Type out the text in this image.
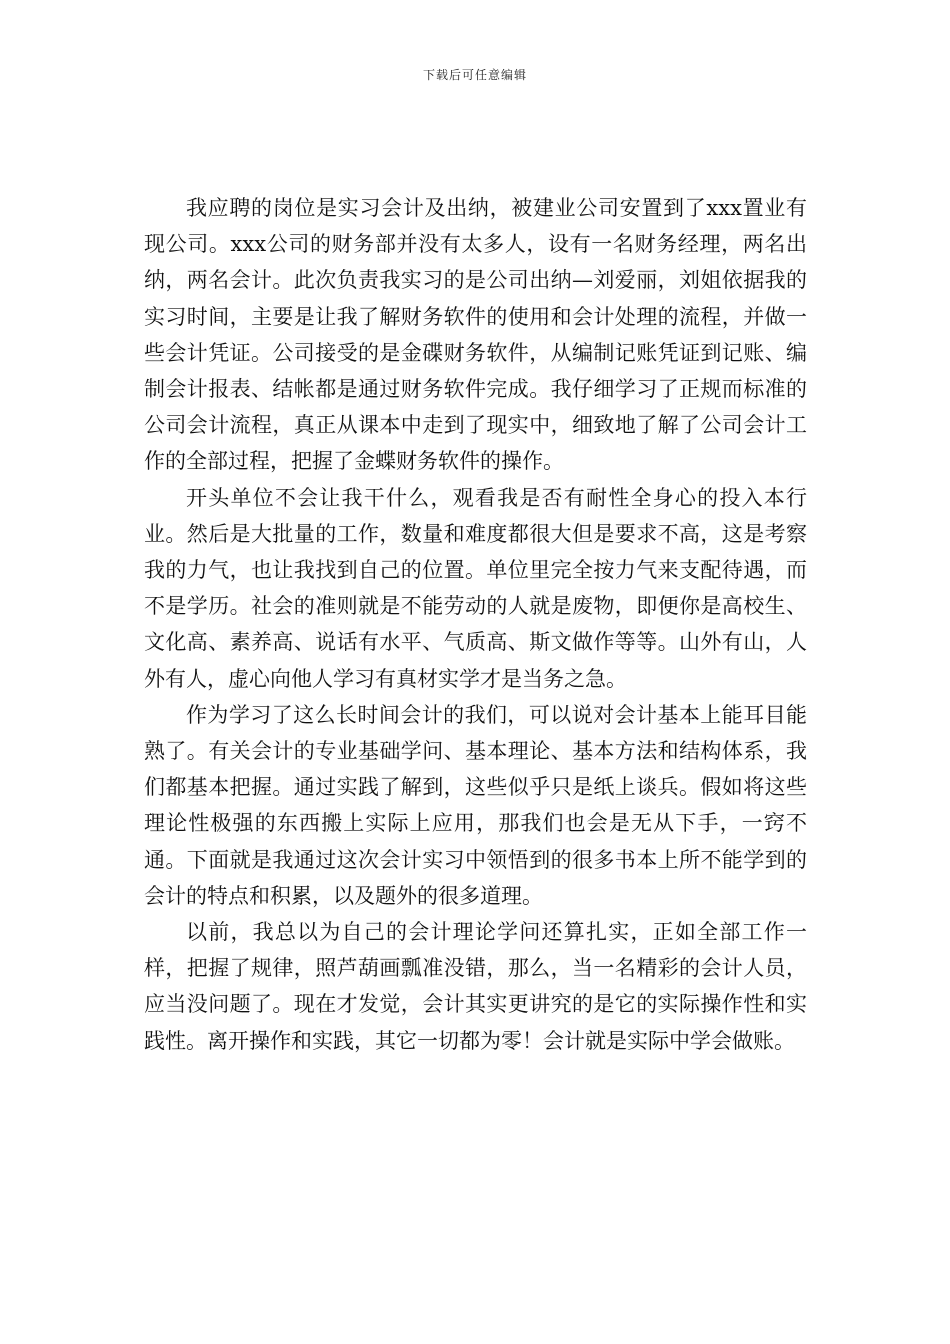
下载后可任意编辑

我应聘的岗位是实习会计及出纳，被建业公司安置到了xxx置业有现公司。xxx公司的财务部并没有太多人，设有一名财务经理，两名出纳，两名会计。此次负责我实习的是公司出纳—刘爱丽，刘姐依据我的实习时间，主要是让我了解财务软件的使用和会计处理的流程，并做一些会计凭证。公司接受的是金碟财务软件，从编制记账凭证到记账、编制会计报表、结帐都是通过财务软件完成。我仔细学习了正规而标准的公司会计流程，真正从课本中走到了现实中，细致地了解了公司会计工作的全部过程，把握了金蝶财务软件的操作。

开头单位不会让我干什么，观看我是否有耐性全身心的投入本行业。然后是大批量的工作，数量和难度都很大但是要求不高，这是考察我的力气，也让我找到自己的位置。单位里完全按力气来支配待遇，而不是学历。社会的准则就是不能劳动的人就是废物，即便你是高校生、文化高、素养高、说话有水平、气质高、斯文做作等等。山外有山，人外有人，虚心向他人学习有真材实学才是当务之急。

作为学习了这么长时间会计的我们，可以说对会计基本上能耳目能熟了。有关会计的专业基础学问、基本理论、基本方法和结构体系，我们都基本把握。通过实践了解到，这些似乎只是纸上谈兵。假如将这些理论性极强的东西搬上实际上应用，那我们也会是无从下手，一窍不通。下面就是我通过这次会计实习中领悟到的很多书本上所不能学到的会计的特点和积累，以及题外的很多道理。

以前，我总以为自己的会计理论学问还算扎实，正如全部工作一样，把握了规律，照芦葫画瓢准没错，那么，当一名精彩的会计人员，应当没问题了。现在才发觉，会计其实更讲究的是它的实际操作性和实践性。离开操作和实践，其它一切都为零！会计就是实际中学会做账。
